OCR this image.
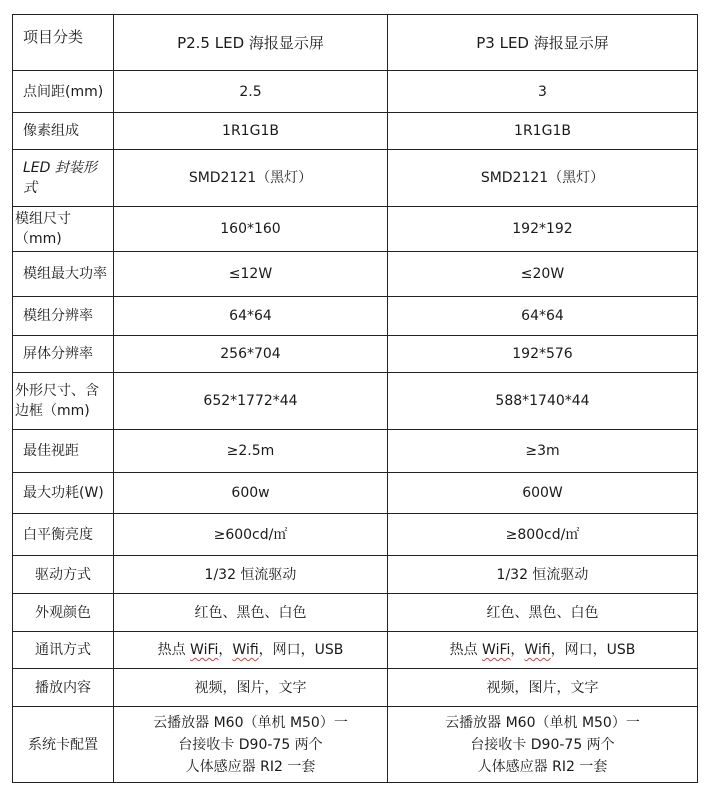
项目分类	P2.5 LED 海报显示屏	P3 LED 海报显示屏
点间距(mm)	2.5	3
像素组成	1R1G1B	1R1G1B
LED 封装形式	SMD2121（黑灯）	SMD2121（黑灯）
模组尺寸（mm)	160*160	192*192
模组最大功率	≤12W	≤20W
模组分辨率	64*64	64*64
屏体分辨率	256*704	192*576
外形尺寸、含边框（mm)	652*1772*44	588*1740*44
最佳视距	≥2.5m	≥3m
最大功耗(W)	600w	600W
白平衡亮度	≥600cd/㎡	≥800cd/㎡
驱动方式	1/32 恒流驱动	1/32 恒流驱动
外观颜色	红色、黑色、白色	红色、黑色、白色
通讯方式	热点 WiFi，Wifi，网口，USB	热点 WiFi，Wifi，网口，USB
播放内容	视频，图片，文字	视频，图片，文字
系统卡配置	云播放器 M60（单机 M50）一
台接收卡 D90-75 两个
人体感应器 RI2 一套	云播放器 M60（单机 M50）一
台接收卡 D90-75 两个
人体感应器 RI2 一套
